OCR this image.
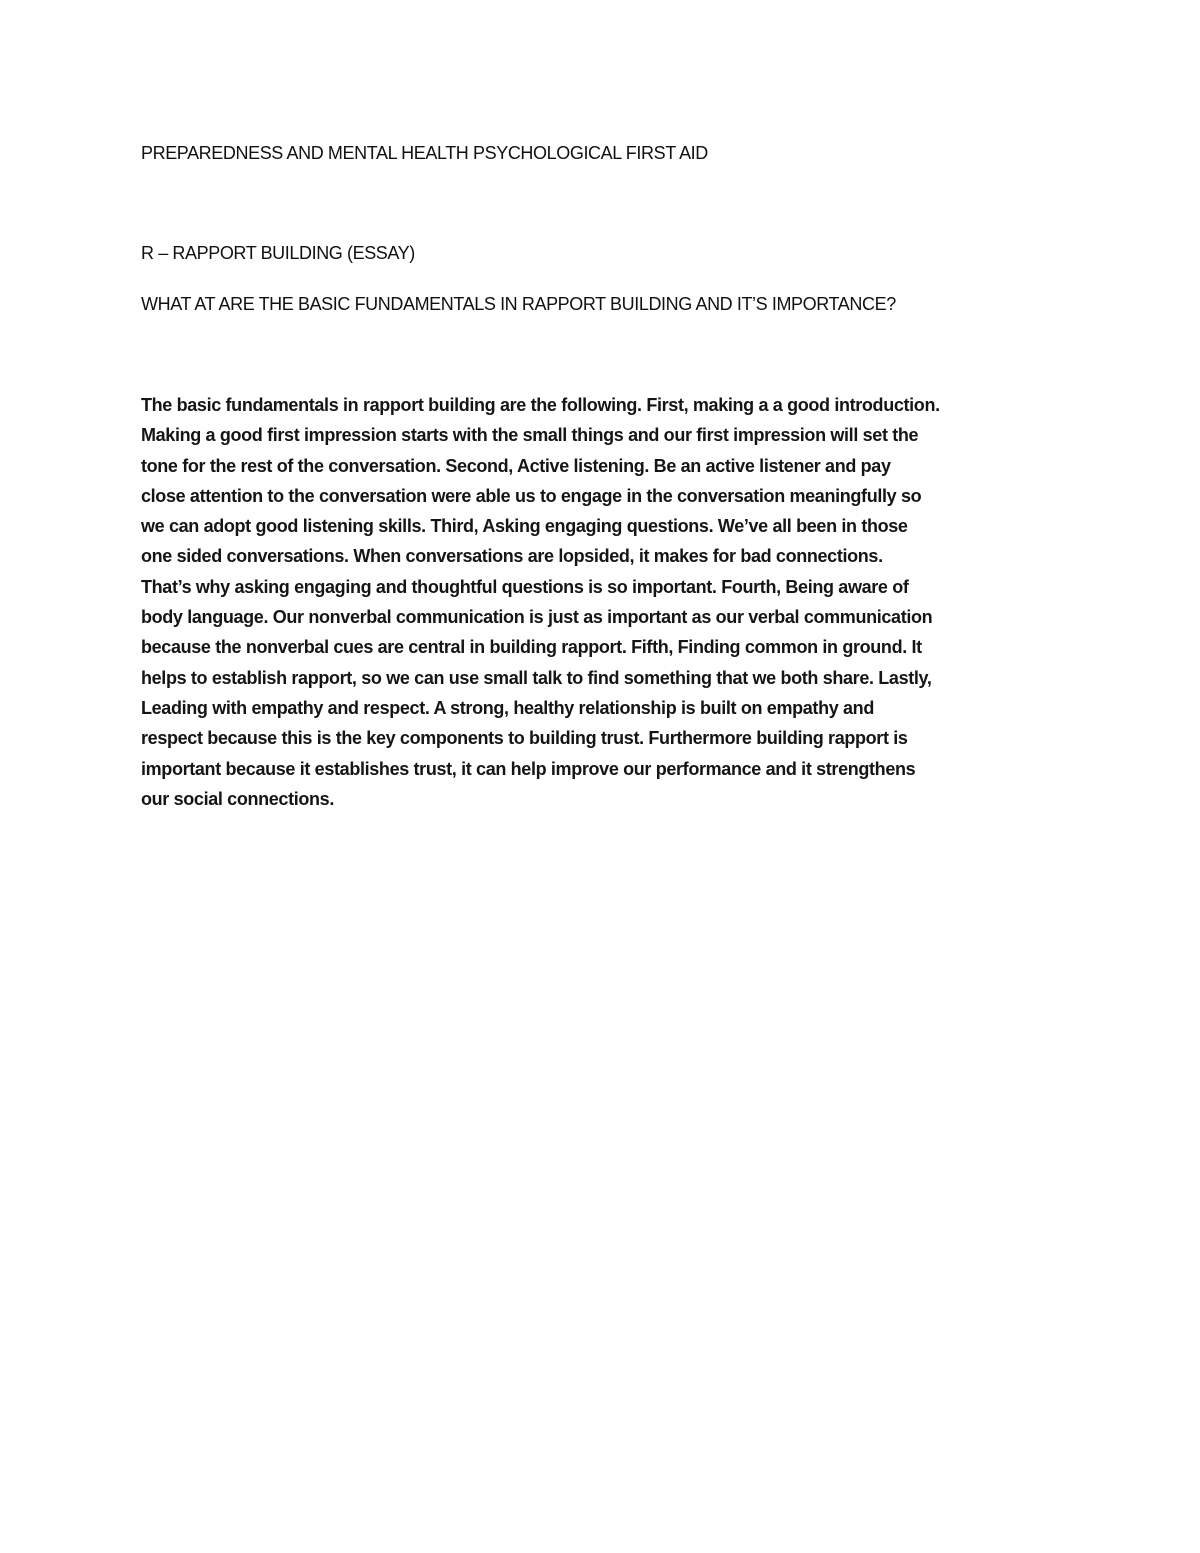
PREPAREDNESS AND MENTAL HEALTH PSYCHOLOGICAL FIRST AID

R – RAPPORT BUILDING (ESSAY)

WHAT AT ARE THE BASIC FUNDAMENTALS IN RAPPORT BUILDING AND IT’S IMPORTANCE?

The basic fundamentals in rapport building are the following. First, making a a good introduction.
Making a good first impression starts with the small things and our first impression will set the
tone for the rest of the conversation. Second, Active listening. Be an active listener and pay
close attention to the conversation were able us to engage in the conversation meaningfully so
we can adopt good listening skills. Third, Asking engaging questions. We’ve all been in those
one sided conversations. When conversations are lopsided, it makes for bad connections.
That’s why asking engaging and thoughtful questions is so important. Fourth, Being aware of
body language. Our nonverbal communication is just as important as our verbal communication
because the nonverbal cues are central in building rapport. Fifth, Finding common in ground. It
helps to establish rapport, so we can use small talk to find something that we both share. Lastly,
Leading with empathy and respect. A strong, healthy relationship is built on empathy and
respect because this is the key components to building trust. Furthermore building rapport is
important because it establishes trust, it can help improve our performance and it strengthens
our social connections.
